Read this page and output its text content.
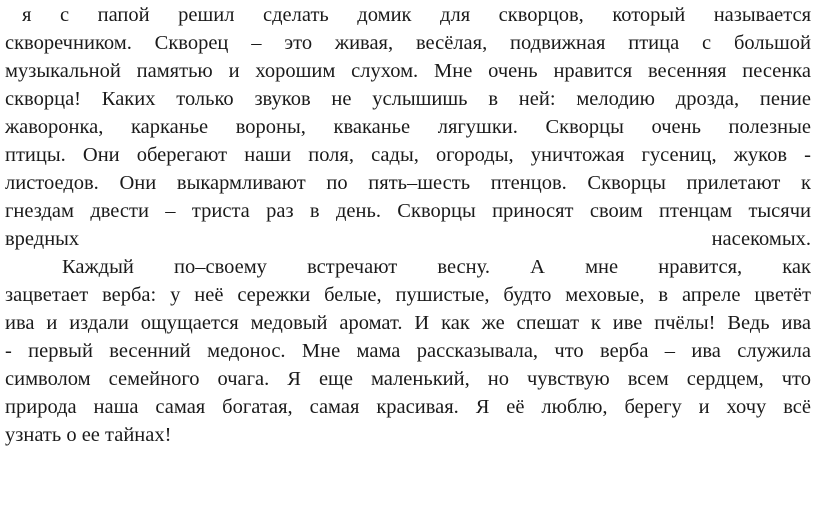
я с папой решил сделать домик для скворцов, который называется
скворечником. Скворец – это живая, весёлая, подвижная птица с большой
музыкальной памятью и хорошим слухом. Мне очень нравится весенняя песенка
скворца! Каких только звуков не услышишь в ней: мелодию дрозда, пение
жаворонка, карканье вороны, кваканье лягушки. Скворцы очень полезные
птицы. Они оберегают наши поля, сады, огороды, уничтожая гусениц, жуков -
листоедов. Они выкармливают по пять–шесть птенцов. Скворцы прилетают к
гнездам двести – триста раз в день. Скворцы приносят своим птенцам тысячи
вредных насекомых.
Каждый по–своему встречают весну. А мне нравится, как
зацветает верба: у неё сережки белые, пушистые, будто меховые, в апреле цветёт
ива и издали ощущается медовый аромат. И как же спешат к иве пчёлы! Ведь ива
- первый весенний медонос. Мне мама рассказывала, что верба – ива служила
символом семейного очага. Я еще маленький, но чувствую всем сердцем, что
природа наша самая богатая, самая красивая. Я её люблю, берегу и хочу всё
узнать о ее тайнах!
